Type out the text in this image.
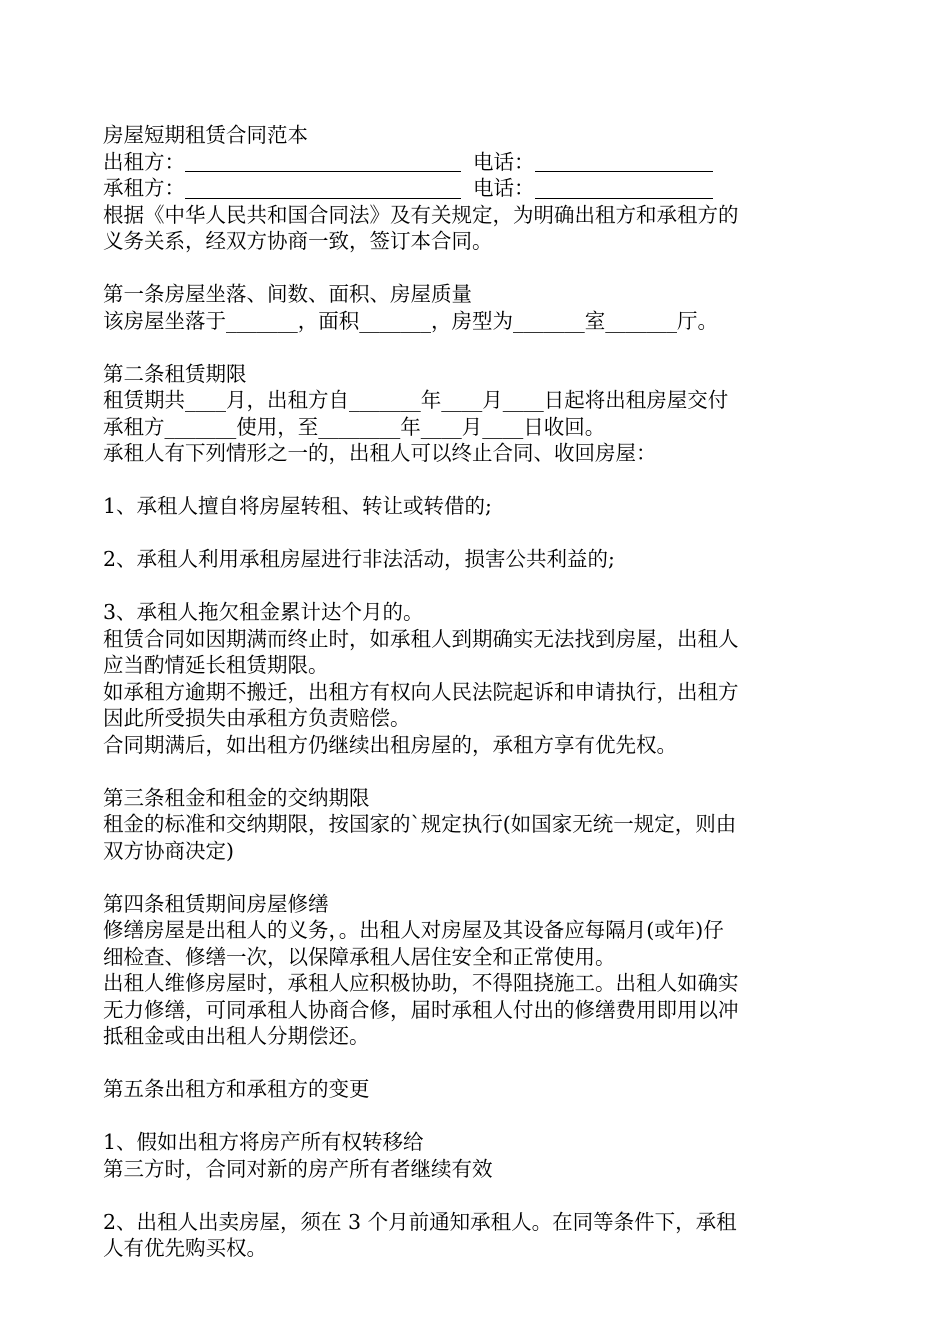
房屋短期租赁合同范本
出租方：	电话：
承租方：	电话：
根据《中华人民共和国合同法》及有关规定，为明确出租方和承租方的
义务关系，经双方协商一致，签订本合同。
第一条房屋坐落、间数、面积、房屋质量
该房屋坐落于_______，面积_______，房型为_______室_______厅。
第二条租赁期限
租赁期共____月，出租方自_______年____月____日起将出租房屋交付
承租方_______使用，至________年____月____日收回。
承租人有下列情形之一的，出租人可以终止合同、收回房屋：
1、承租人擅自将房屋转租、转让或转借的;
2、承租人利用承租房屋进行非法活动，损害公共利益的;
3、承租人拖欠租金累计达个月的。
租赁合同如因期满而终止时，如承租人到期确实无法找到房屋，出租人
应当酌情延长租赁期限。
如承租方逾期不搬迁，出租方有权向人民法院起诉和申请执行，出租方
因此所受损失由承租方负责赔偿。
合同期满后，如出租方仍继续出租房屋的，承租方享有优先权。
第三条租金和租金的交纳期限
租金的标准和交纳期限，按国家的`规定执行(如国家无统一规定，则由
双方协商决定)
第四条租赁期间房屋修缮
修缮房屋是出租人的义务，。出租人对房屋及其设备应每隔月(或年)仔
细检查、修缮一次，以保障承租人居住安全和正常使用。
出租人维修房屋时，承租人应积极协助，不得阻挠施工。出租人如确实
无力修缮，可同承租人协商合修，届时承租人付出的修缮费用即用以冲
抵租金或由出租人分期偿还。
第五条出租方和承租方的变更
1、假如出租方将房产所有权转移给
第三方时，合同对新的房产所有者继续有效
2、出租人出卖房屋，须在 3 个月前通知承租人。在同等条件下，承租
人有优先购买权。
